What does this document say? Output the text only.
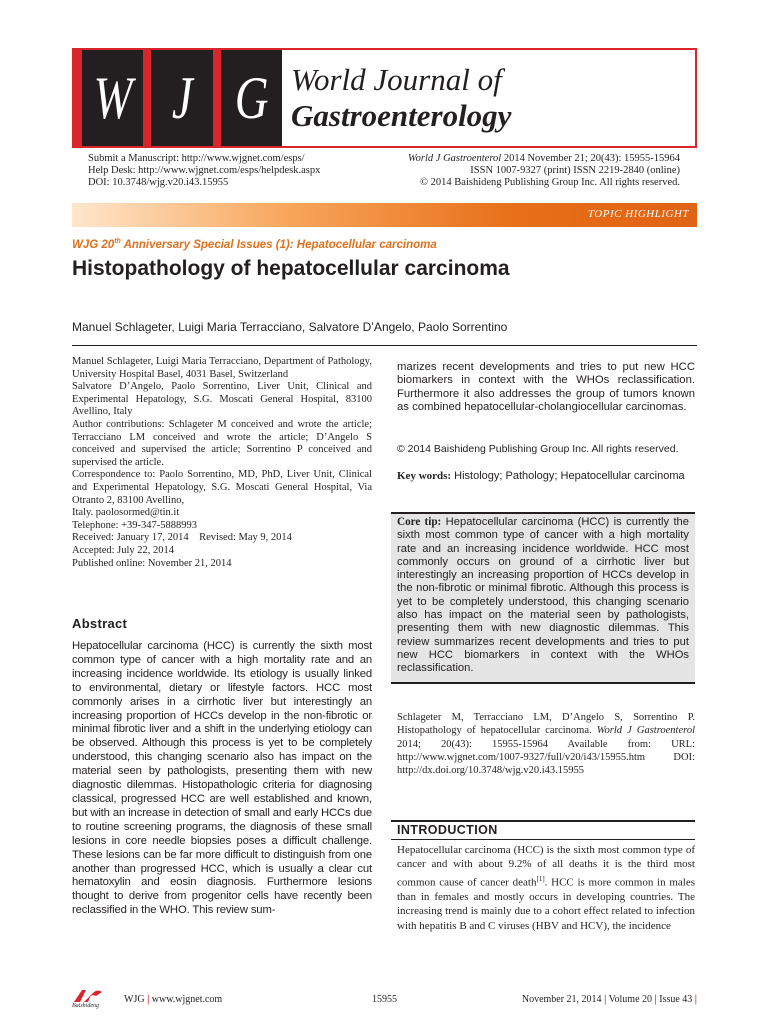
W J G World Journal of
Gastroenterology
Submit a Manuscript: http://www.wjgnet.com/esps/
Help Desk: http://www.wjgnet.com/esps/helpdesk.aspx
DOI: 10.3748/wjg.v20.i43.15955
World J Gastroenterol 2014 November 21; 20(43): 15955-15964
ISSN 1007-9327 (print) ISSN 2219-2840 (online)
© 2014 Baishideng Publishing Group Inc. All rights reserved.
TOPIC HIGHLIGHT
WJG 20th Anniversary Special Issues (1): Hepatocellular carcinoma
Histopathology of hepatocellular carcinoma
Manuel Schlageter, Luigi Maria Terracciano, Salvatore D’Angelo, Paolo Sorrentino

Manuel Schlageter, Luigi Maria Terracciano, Department of Pathology, University Hospital Basel, 4031 Basel, Switzerland

Salvatore D’Angelo, Paolo Sorrentino, Liver Unit, Clinical and Experimental Hepatology, S.G. Moscati General Hospital, 83100 Avellino, Italy

Author contributions: Schlageter M conceived and wrote the article; Terracciano LM conceived and wrote the article; D’Angelo S conceived and supervised the article; Sorrentino P conceived and supervised the article.

Correspondence to: Paolo Sorrentino, MD, PhD, Liver Unit, Clinical and Experimental Hepatology, S.G. Moscati General Hospital, Via Otranto 2, 83100 Avellino,

Italy. paolosormed@tin.it

Telephone: +39-347-5888993

Received: January 17, 2014 Revised: May 9, 2014

Accepted: July 22, 2014

Published online: November 21, 2014

Abstract
Hepatocellular carcinoma (HCC) is currently the sixth most common type of cancer with a high mortality rate and an increasing incidence worldwide. Its etiology is usually linked to environmental, dietary or lifestyle factors. HCC most commonly arises in a cirrhotic liver but interestingly an increasing proportion of HCCs develop in the non-fibrotic or minimal fibrotic liver and a shift in the underlying etiology can be observed. Although this process is yet to be completely understood, this changing scenario also has impact on the material seen by pathologists, presenting them with new diagnostic dilemmas. Histopathologic criteria for diagnosing classical, progressed HCC are well established and known, but with an increase in detection of small and early HCCs due to routine screening programs, the diagnosis of these small lesions in core needle biopsies poses a difficult challenge. These lesions can be far more difficult to distinguish from one another than progressed HCC, which is usually a clear cut hematoxylin and eosin diagnosis. Furthermore lesions thought to derive from progenitor cells have recently been reclassified in the WHO. This review sum-
marizes recent developments and tries to put new HCC biomarkers in context with the WHOs reclassification. Furthermore it also addresses the group of tumors known as combined hepatocellular-cholangiocellular carcinomas.
© 2014 Baishideng Publishing Group Inc. All rights reserved.
Key words: Histology; Pathology; Hepatocellular carcinoma
Core tip: Hepatocellular carcinoma (HCC) is currently the sixth most common type of cancer with a high mortality rate and an increasing incidence worldwide. HCC most commonly occurs on ground of a cirrhotic liver but interestingly an increasing proportion of HCCs develop in the non-fibrotic or minimal fibrotic. Although this process is yet to be completely understood, this changing scenario also has impact on the material seen by pathologists, presenting them with new diagnostic dilemmas. This review summarizes recent developments and tries to put new HCC biomarkers in context with the WHOs reclassification.
Schlageter M, Terracciano LM, D’Angelo S, Sorrentino P. Histopathology of hepatocellular carcinoma. World J Gastroenterol 2014; 20(43): 15955-15964 Available from: URL: http://www.wjgnet.com/1007-9327/full/v20/i43/15955.htm DOI: http://dx.doi.org/10.3748/wjg.v20.i43.15955
INTRODUCTION
Hepatocellular carcinoma (HCC) is the sixth most common type of cancer and with about 9.2% of all deaths it is the third most common cause of cancer death[1]. HCC is more common in males than in females and mostly occurs in developing countries. The increasing trend is mainly due to a cohort effect related to infection with hepatitis B and C viruses (HBV and HCV), the incidence
Baishideng
WJG | www.wjgnet.com	15955	November 21, 2014 | Volume 20 | Issue 43 |
